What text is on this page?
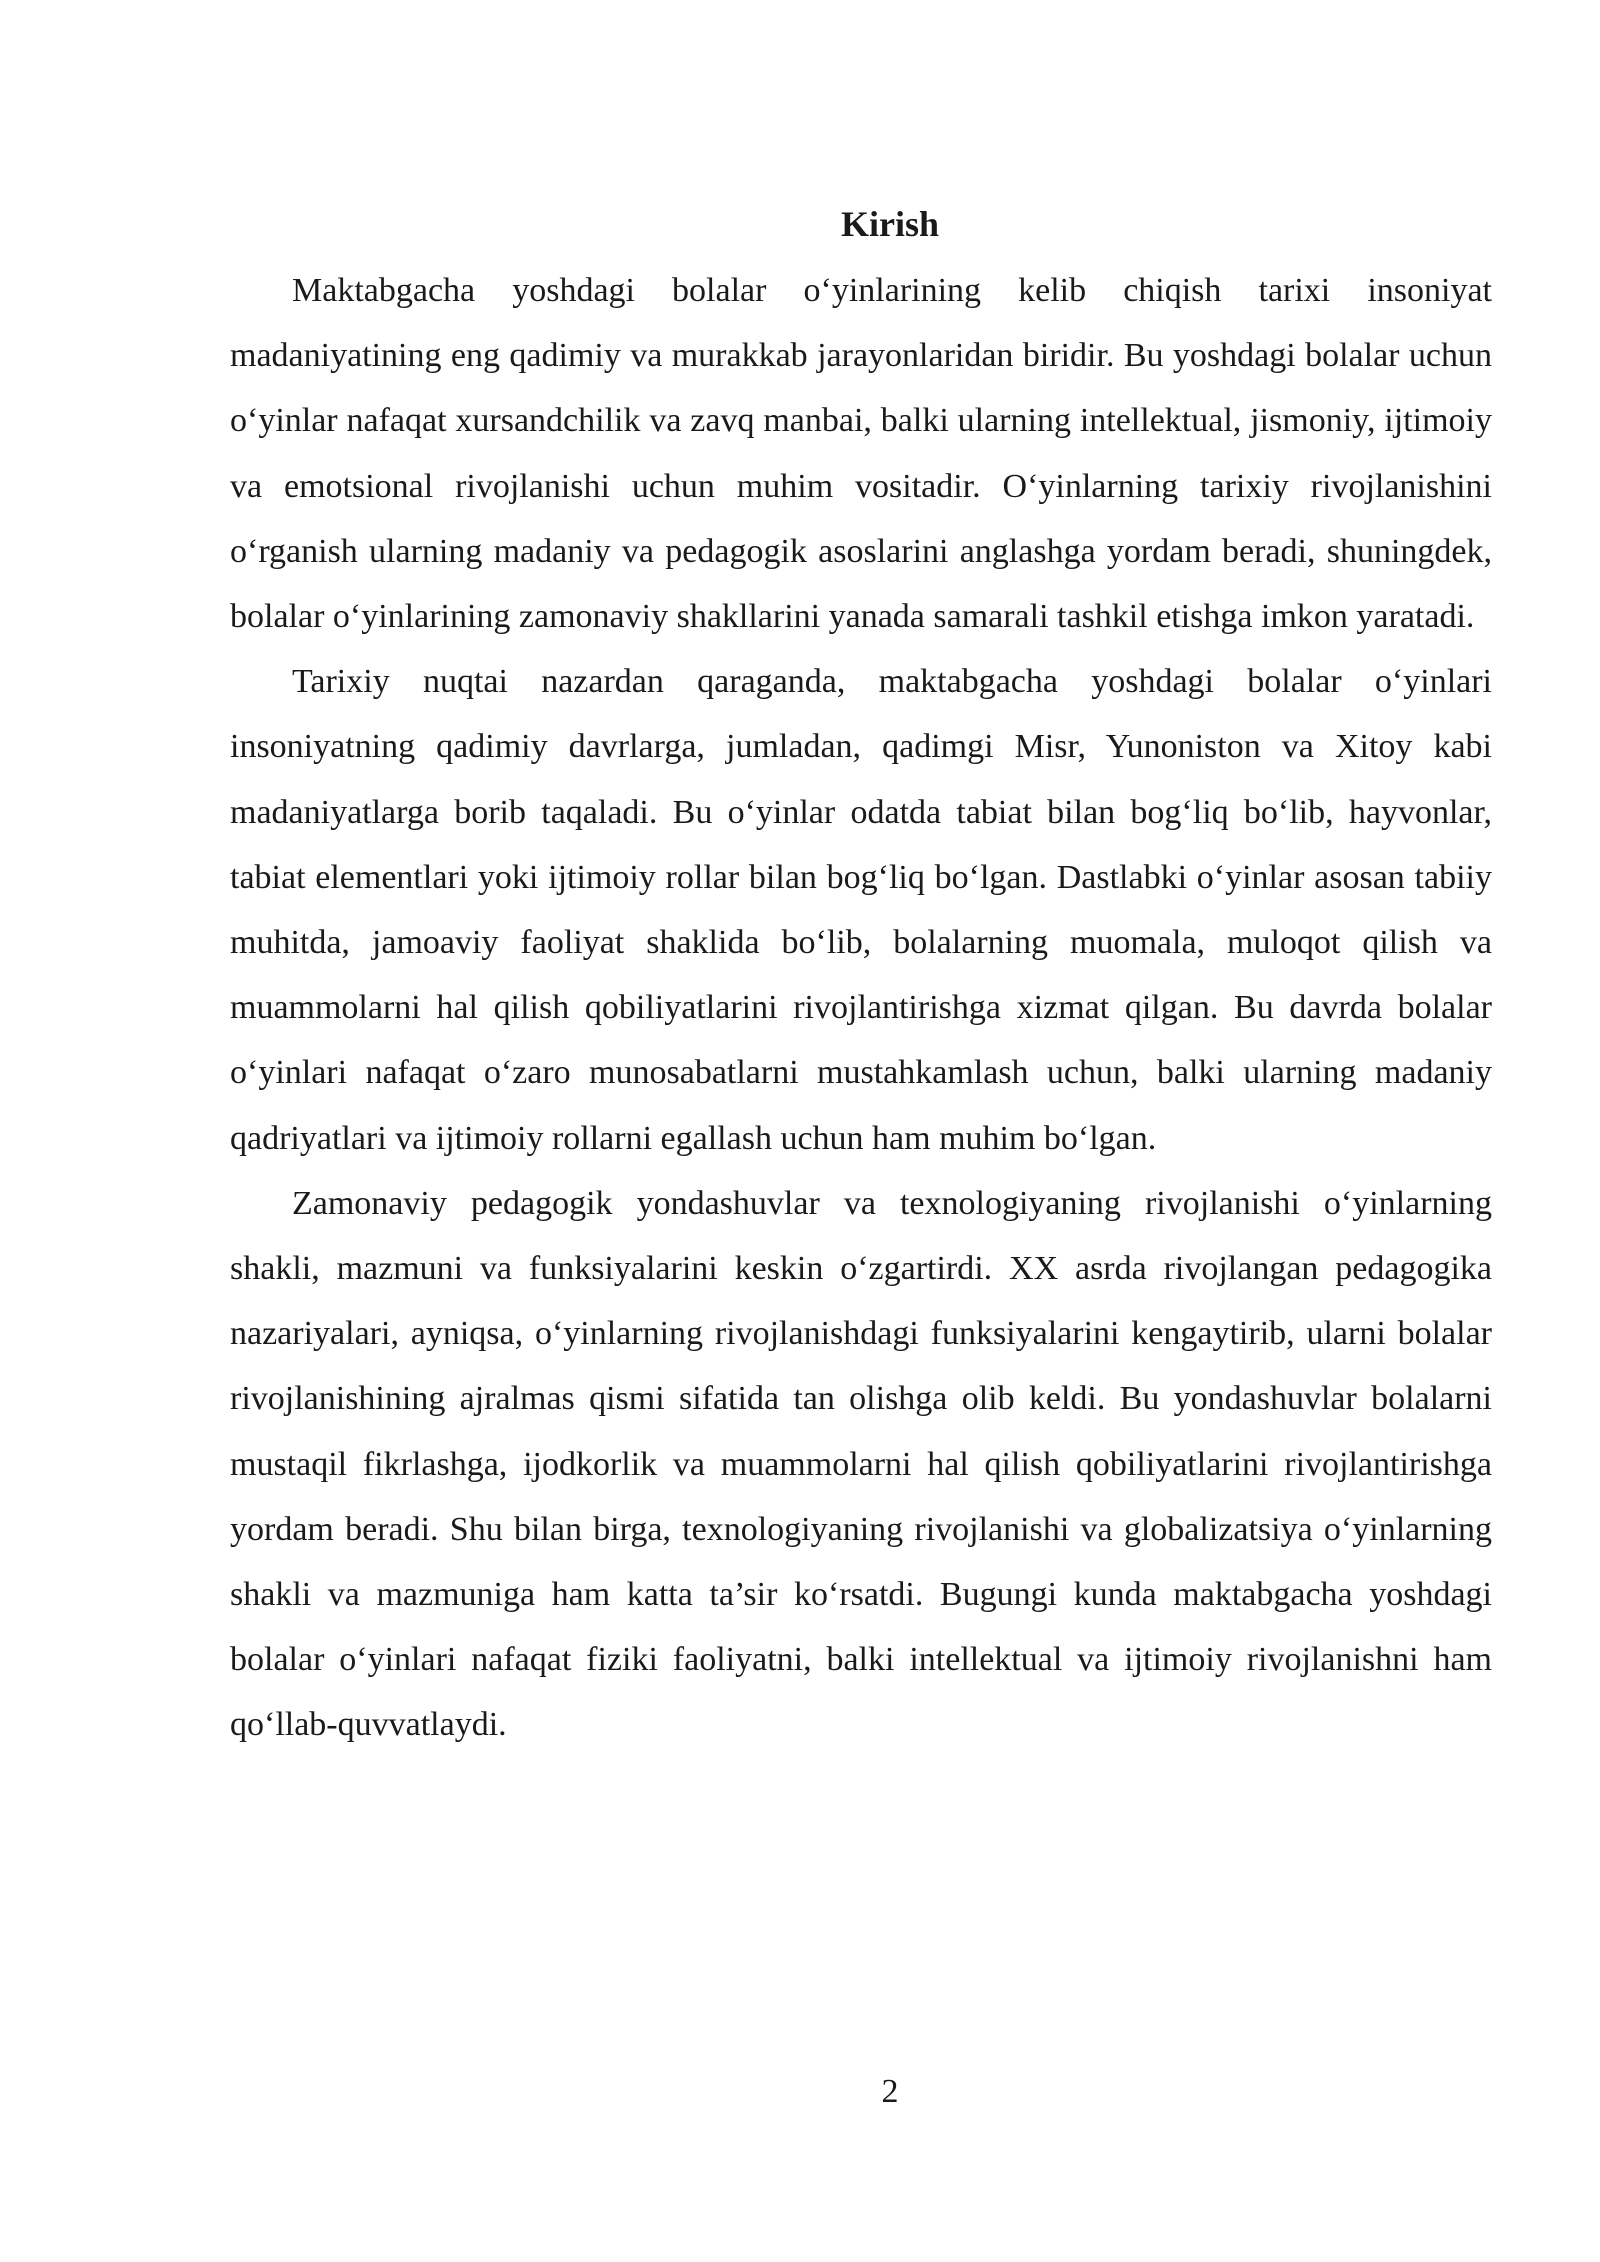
Kirish

Maktabgacha yoshdagi bolalar o‘yinlarining kelib chiqish tarixi insoniyat madaniyatining eng qadimiy va murakkab jarayonlaridan biridir. Bu yoshdagi bolalar uchun o‘yinlar nafaqat xursandchilik va zavq manbai, balki ularning intellektual, jismoniy, ijtimoiy va emotsional rivojlanishi uchun muhim vositadir. O‘yinlarning tarixiy rivojlanishini o‘rganish ularning madaniy va pedagogik asoslarini anglashga yordam beradi, shuningdek, bolalar o‘yinlarining zamonaviy shakllarini yanada samarali tashkil etishga imkon yaratadi.

Tarixiy nuqtai nazardan qaraganda, maktabgacha yoshdagi bolalar o‘yinlari insoniyatning qadimiy davrlarga, jumladan, qadimgi Misr, Yunoniston va Xitoy kabi madaniyatlarga borib taqaladi. Bu o‘yinlar odatda tabiat bilan bog‘liq bo‘lib, hayvonlar, tabiat elementlari yoki ijtimoiy rollar bilan bog‘liq bo‘lgan. Dastlabki o‘yinlar asosan tabiiy muhitda, jamoaviy faoliyat shaklida bo‘lib, bolalarning muomala, muloqot qilish va muammolarni hal qilish qobiliyatlarini rivojlantirishga xizmat qilgan. Bu davrda bolalar o‘yinlari nafaqat o‘zaro munosabatlarni mustahkamlash uchun, balki ularning madaniy qadriyatlari va ijtimoiy rollarni egallash uchun ham muhim bo‘lgan.

Zamonaviy pedagogik yondashuvlar va texnologiyaning rivojlanishi o‘yinlarning shakli, mazmuni va funksiyalarini keskin o‘zgartirdi. XX asrda rivojlangan pedagogika nazariyalari, ayniqsa, o‘yinlarning rivojlanishdagi funksiyalarini kengaytirib, ularni bolalar rivojlanishining ajralmas qismi sifatida tan olishga olib keldi. Bu yondashuvlar bolalarni mustaqil fikrlashga, ijodkorlik va muammolarni hal qilish qobiliyatlarini rivojlantirishga yordam beradi. Shu bilan birga, texnologiyaning rivojlanishi va globalizatsiya o‘yinlarning shakli va mazmuniga ham katta ta’sir ko‘rsatdi. Bugungi kunda maktabgacha yoshdagi bolalar o‘yinlari nafaqat fiziki faoliyatni, balki intellektual va ijtimoiy rivojlanishni ham qo‘llab-quvvatlaydi.

2
